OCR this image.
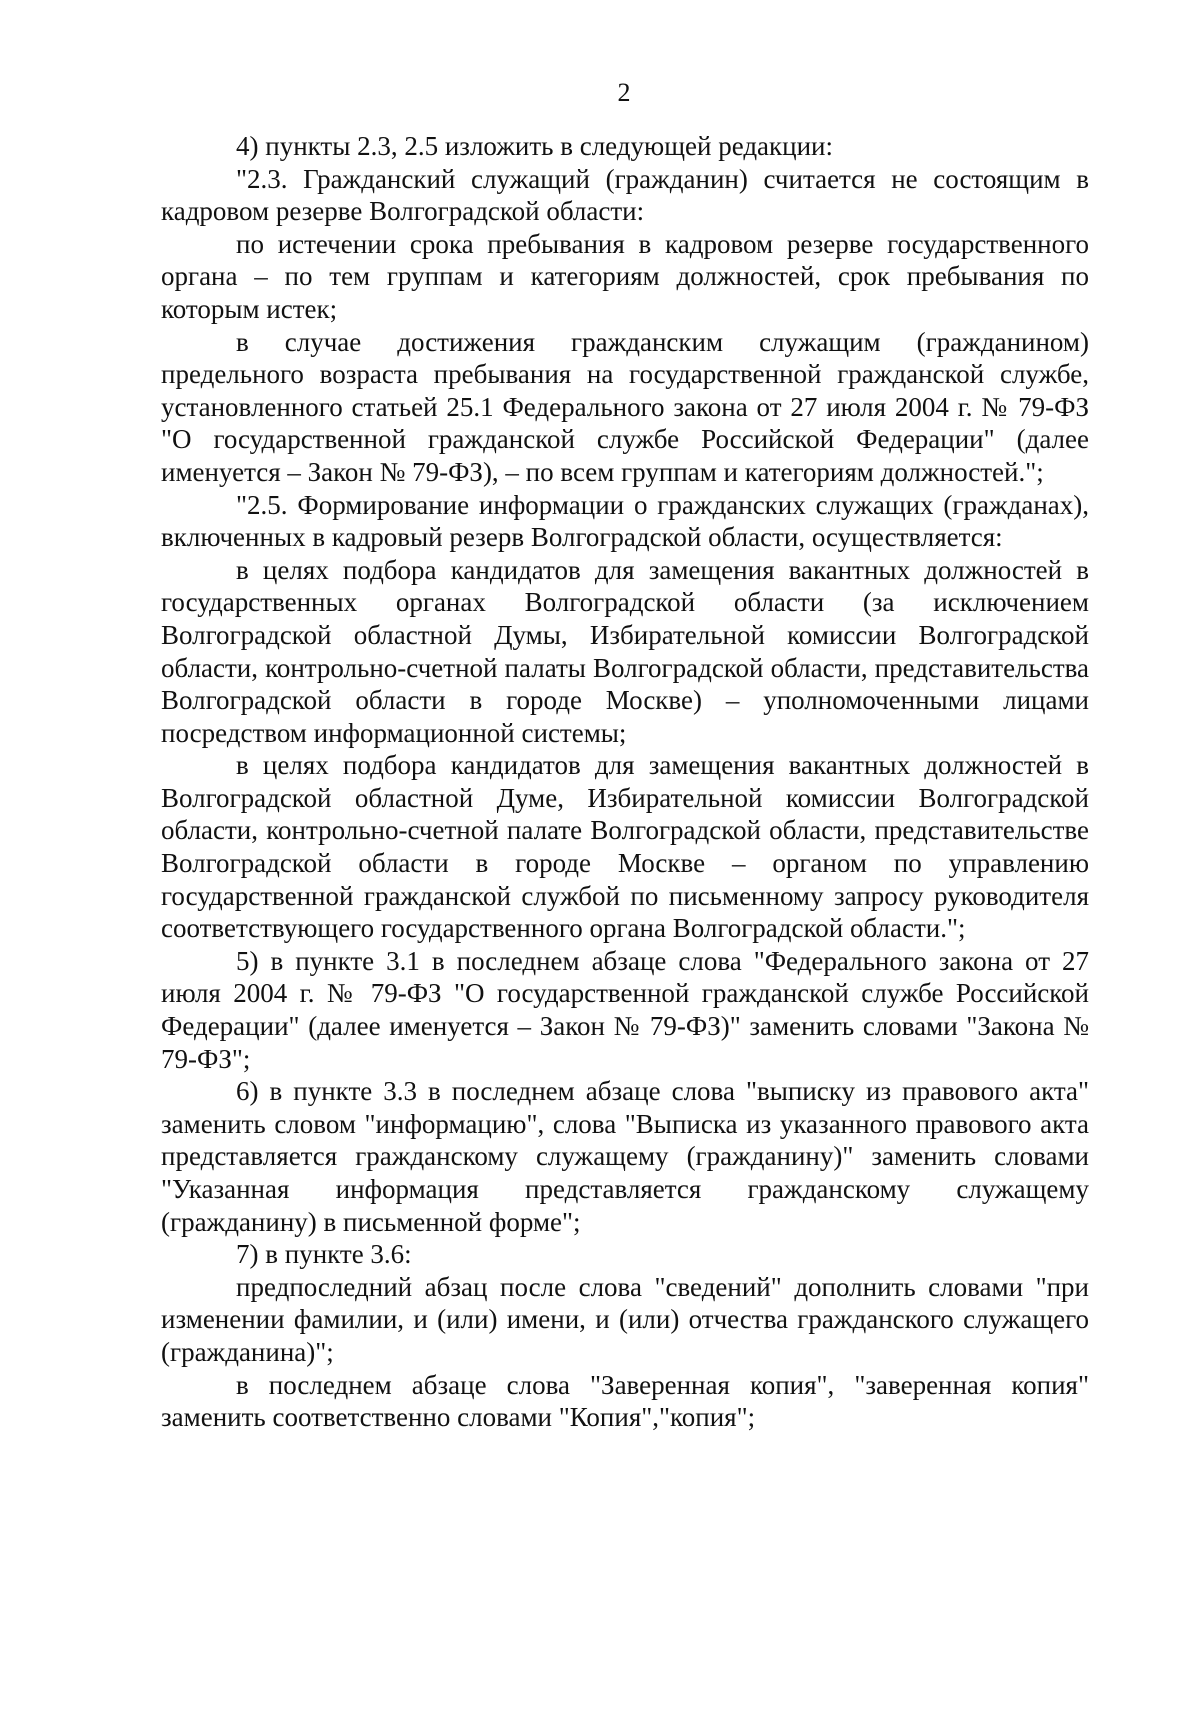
2

4) пункты 2.3, 2.5 изложить в следующей редакции:

"2.3. Гражданский служащий (гражданин) считается не состоящим в кадровом резерве Волгоградской области:

по истечении срока пребывания в кадровом резерве государственного органа – по тем группам и категориям должностей, срок пребывания по которым истек;

в случае достижения гражданским служащим (гражданином) предельного возраста пребывания на государственной гражданской службе, установленного статьей 25.1 Федерального закона от 27 июля 2004 г. № 79-ФЗ "О государственной гражданской службе Российской Федерации" (далее именуется – Закон № 79-ФЗ), – по всем группам и категориям должностей.";

"2.5. Формирование информации о гражданских служащих (гражданах), включенных в кадровый резерв Волгоградской области, осуществляется:

в целях подбора кандидатов для замещения вакантных должностей в государственных органах Волгоградской области (за исключением Волгоградской областной Думы, Избирательной комиссии Волгоградской области, контрольно-счетной палаты Волгоградской области, представительства Волгоградской области в городе Москве) – уполномоченными лицами посредством информационной системы;

в целях подбора кандидатов для замещения вакантных должностей в Волгоградской областной Думе, Избирательной комиссии Волгоградской области, контрольно-счетной палате Волгоградской области, представительстве Волгоградской области в городе Москве – органом по управлению государственной гражданской службой по письменному запросу руководителя соответствующего государственного органа Волгоградской области.";

5) в пункте 3.1 в последнем абзаце слова "Федерального закона от 27 июля 2004 г. № 79-ФЗ "О государственной гражданской службе Российской Федерации" (далее именуется – Закон № 79-ФЗ)" заменить словами "Закона № 79-ФЗ";

6) в пункте 3.3 в последнем абзаце слова "выписку из правового акта" заменить словом "информацию", слова "Выписка из указанного правового акта представляется гражданскому служащему (гражданину)" заменить словами "Указанная информация представляется гражданскому служащему (гражданину) в письменной форме";

7) в пункте 3.6:

предпоследний абзац после слова "сведений" дополнить словами "при изменении фамилии, и (или) имени, и (или) отчества гражданского служащего (гражданина)";

в последнем абзаце слова "Заверенная копия", "заверенная копия" заменить соответственно словами "Копия","копия";
